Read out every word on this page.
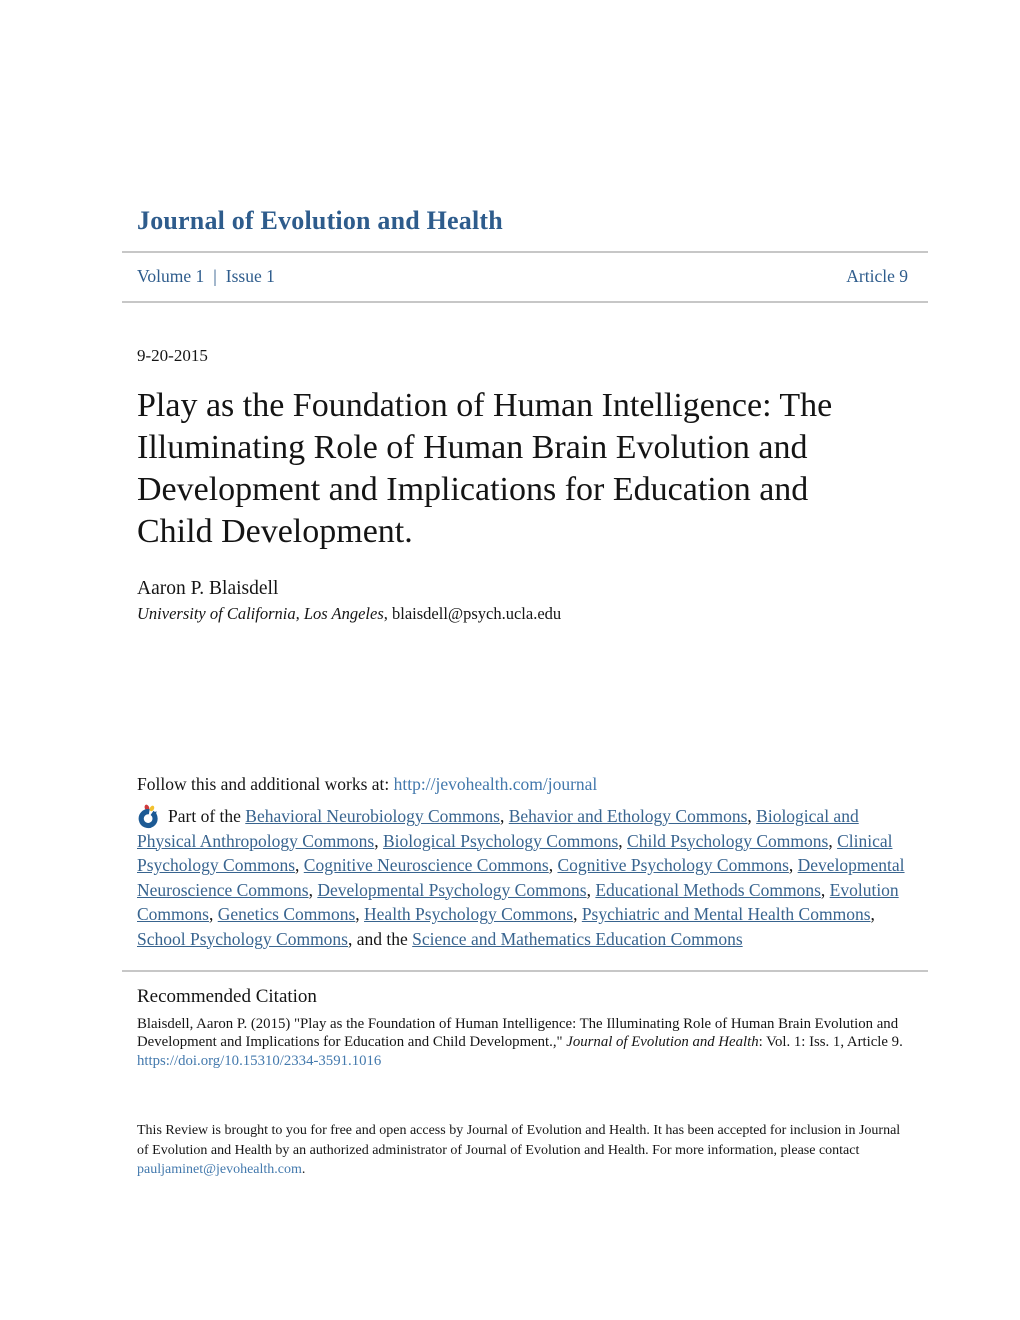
Journal of Evolution and Health
Volume 1 | Issue 1	Article 9
9-20-2015
Play as the Foundation of Human Intelligence: The
Illuminating Role of Human Brain Evolution and
Development and Implications for Education and
Child Development.
Aaron P. Blaisdell
University of California, Los Angeles, blaisdell@psych.ucla.edu
Follow this and additional works at: http://jevohealth.com/journal

Part of the Behavioral Neurobiology Commons, Behavior and Ethology Commons, Biological and Physical Anthropology Commons, Biological Psychology Commons, Child Psychology Commons, Clinical Psychology Commons, Cognitive Neuroscience Commons, Cognitive Psychology Commons, Developmental Neuroscience Commons, Developmental Psychology Commons, Educational Methods Commons, Evolution Commons, Genetics Commons, Health Psychology Commons, Psychiatric and Mental Health Commons, School Psychology Commons, and the Science and Mathematics Education Commons

Recommended Citation

Blaisdell, Aaron P. (2015) "Play as the Foundation of Human Intelligence: The Illuminating Role of Human Brain Evolution and Development and Implications for Education and Child Development.," Journal of Evolution and Health: Vol. 1: Iss. 1, Article 9.
https://doi.org/10.15310/2334-3591.1016

This Review is brought to you for free and open access by Journal of Evolution and Health. It has been accepted for inclusion in Journal of Evolution and Health by an authorized administrator of Journal of Evolution and Health. For more information, please contact pauljaminet@jevohealth.com.
